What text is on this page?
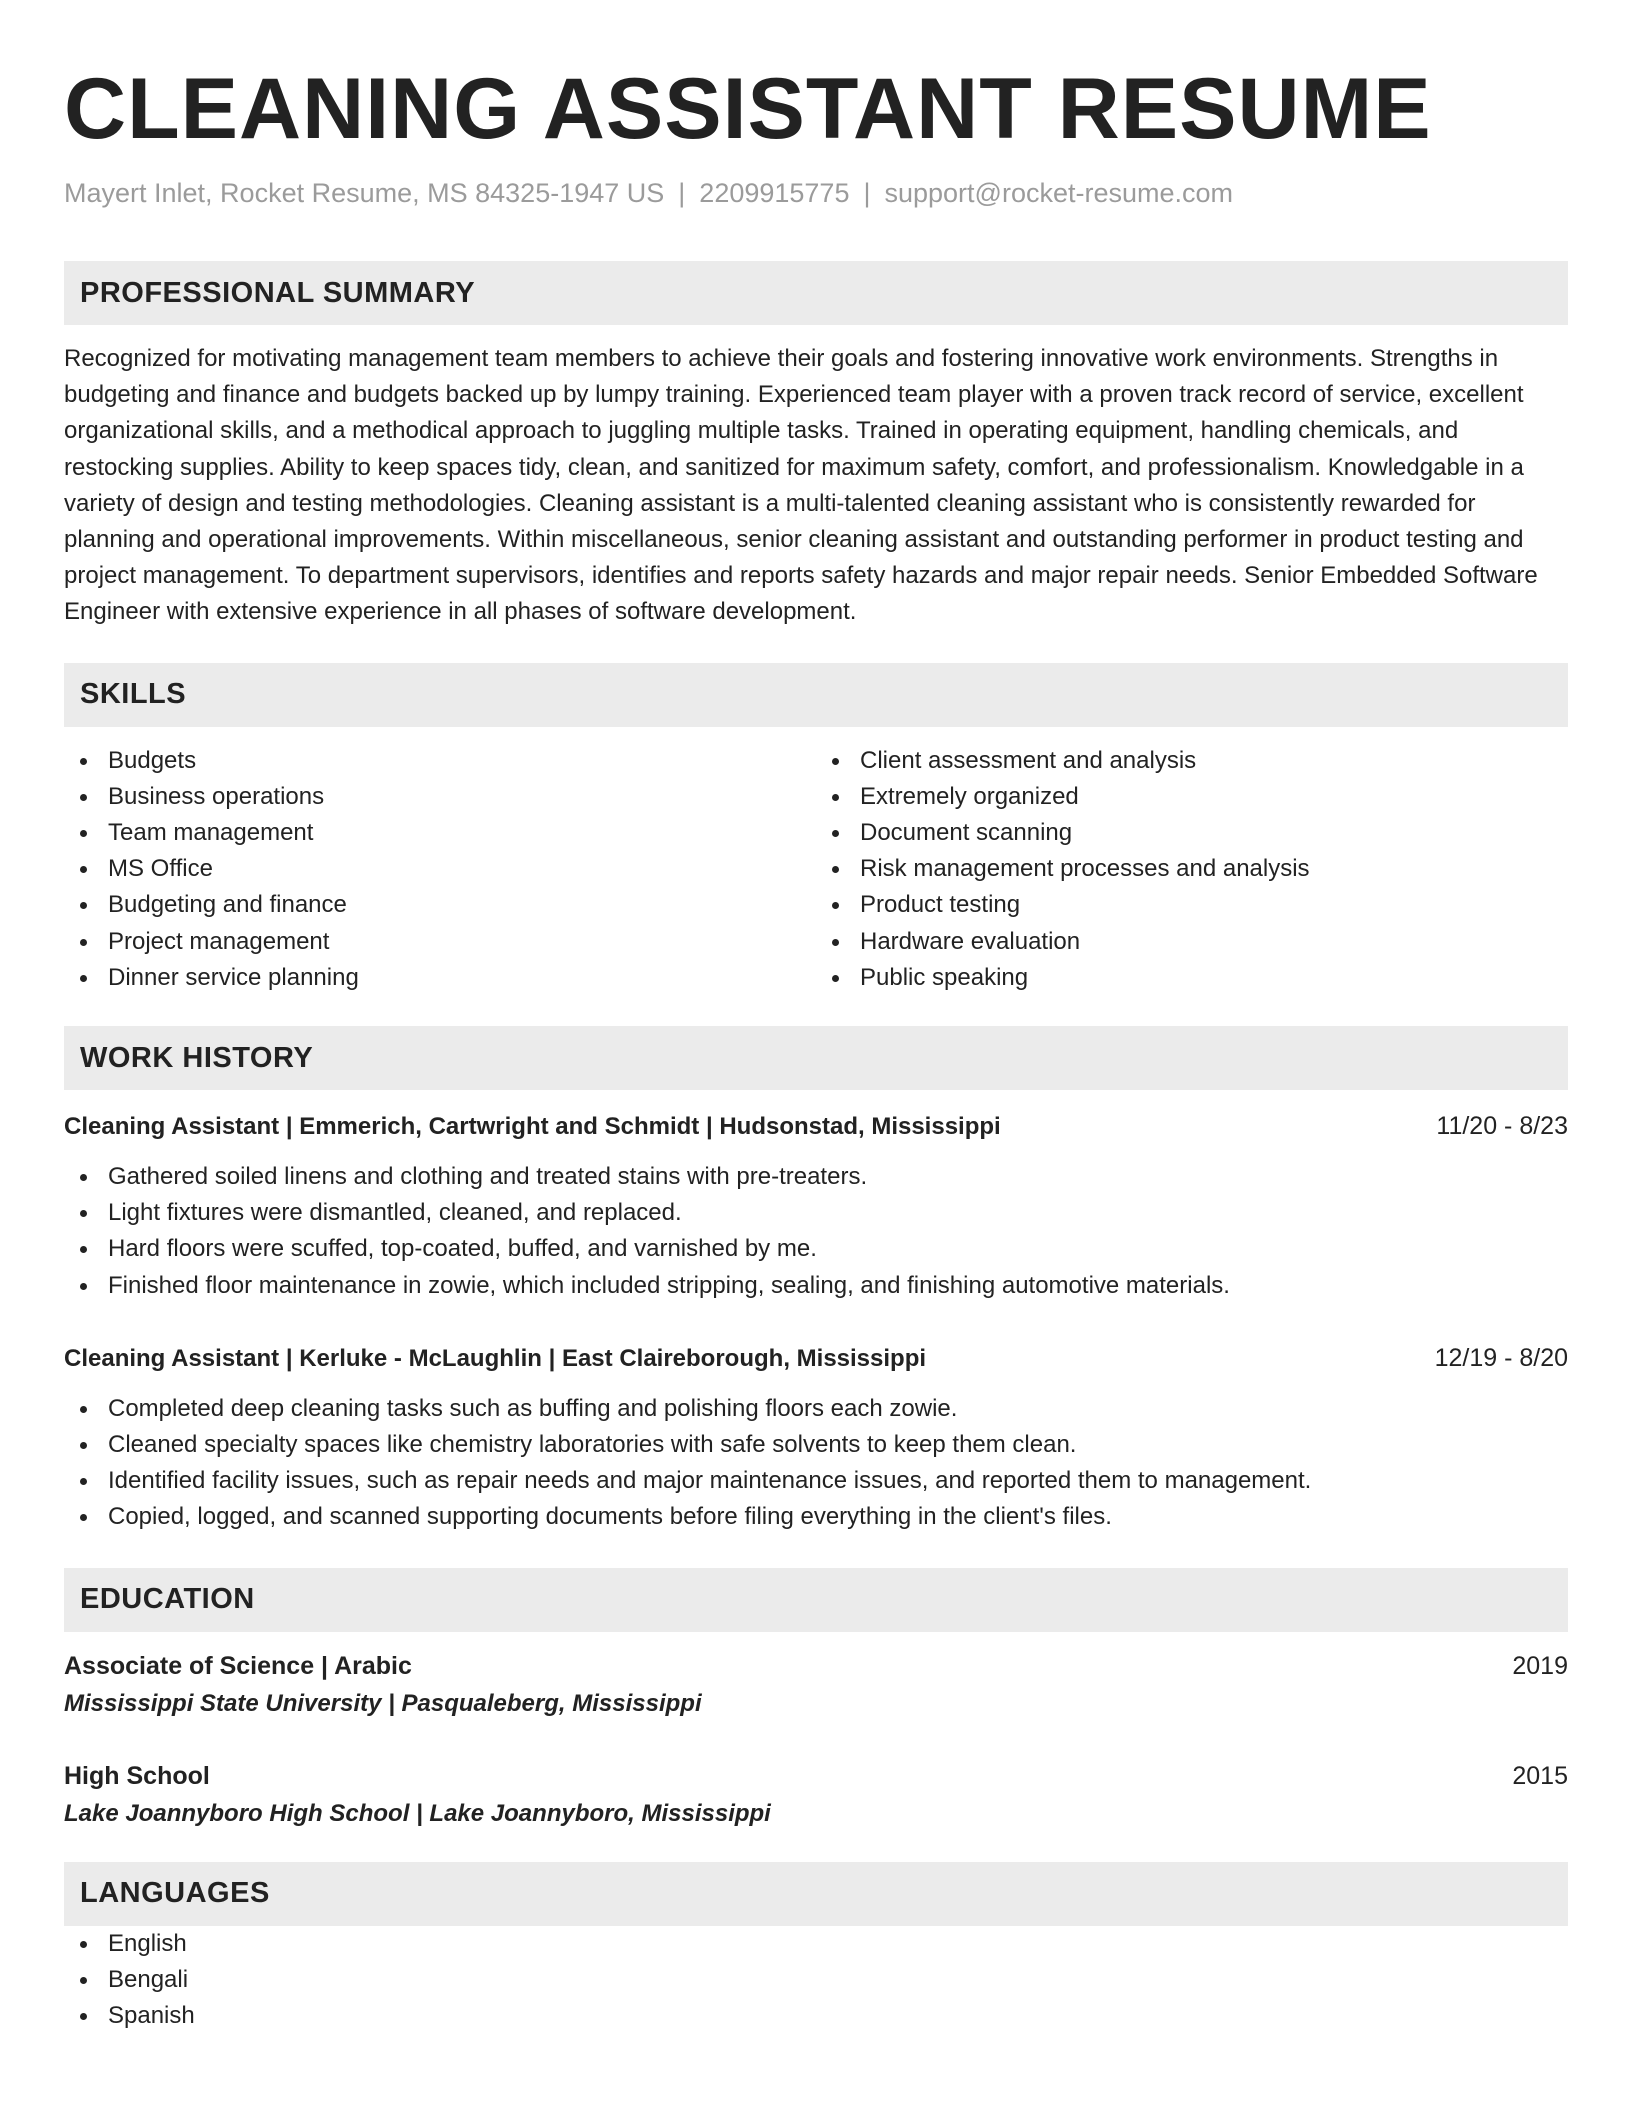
CLEANING ASSISTANT RESUME
Mayert Inlet, Rocket Resume, MS 84325-1947 US | 2209915775 | support@rocket-resume.com
PROFESSIONAL SUMMARY
Recognized for motivating management team members to achieve their goals and fostering innovative work environments. Strengths in budgeting and finance and budgets backed up by lumpy training. Experienced team player with a proven track record of service, excellent organizational skills, and a methodical approach to juggling multiple tasks. Trained in operating equipment, handling chemicals, and restocking supplies. Ability to keep spaces tidy, clean, and sanitized for maximum safety, comfort, and professionalism. Knowledgable in a variety of design and testing methodologies. Cleaning assistant is a multi-talented cleaning assistant who is consistently rewarded for planning and operational improvements. Within miscellaneous, senior cleaning assistant and outstanding performer in product testing and project management. To department supervisors, identifies and reports safety hazards and major repair needs. Senior Embedded Software Engineer with extensive experience in all phases of software development.
SKILLS
Budgets
Business operations
Team management
MS Office
Budgeting and finance
Project management
Dinner service planning
Client assessment and analysis
Extremely organized
Document scanning
Risk management processes and analysis
Product testing
Hardware evaluation
Public speaking
WORK HISTORY
Cleaning Assistant | Emmerich, Cartwright and Schmidt | Hudsonstad, Mississippi	11/20 - 8/23
Gathered soiled linens and clothing and treated stains with pre-treaters.
Light fixtures were dismantled, cleaned, and replaced.
Hard floors were scuffed, top-coated, buffed, and varnished by me.
Finished floor maintenance in zowie, which included stripping, sealing, and finishing automotive materials.
Cleaning Assistant | Kerluke - McLaughlin | East Claireborough, Mississippi	12/19 - 8/20
Completed deep cleaning tasks such as buffing and polishing floors each zowie.
Cleaned specialty spaces like chemistry laboratories with safe solvents to keep them clean.
Identified facility issues, such as repair needs and major maintenance issues, and reported them to management.
Copied, logged, and scanned supporting documents before filing everything in the client's files.
EDUCATION
Associate of Science | Arabic	2019
Mississippi State University | Pasqualeberg, Mississippi
High School	2015
Lake Joannyboro High School | Lake Joannyboro, Mississippi
LANGUAGES
English
Bengali
Spanish
